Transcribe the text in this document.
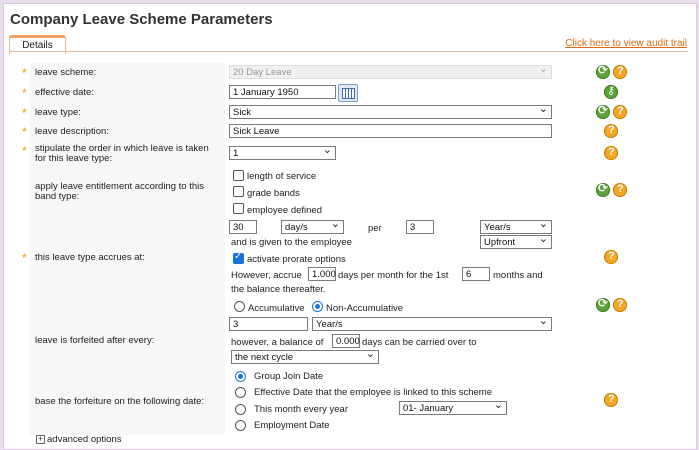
Company Leave Scheme Parameters
Details	Click here to view audit trail
* leave scheme:	20 Day Leave ⌄
⟳
?
* effective date:	1 January 1950
⚷
* leave type:	Sick ⌄
⟳
?
* leave description:	Sick Leave
?
* stipulate the order in which leave is taken
for this leave type:	1 ⌄
?
apply leave entitlement according to this
band type:
length of service
grade bands
employee defined
⟳
?
30	day/s ⌄	per	3	Year/s ⌄
and is given to the employee	Upfront ⌄
* this leave type accrues at:
✓	activate prorate options
However, accrue	1.000 days per month for the 1st	6	months and
the balance thereafter.
?
Accumulative Non-Accumulative
⟳
?
3	Year/s ⌄
leave is forfeited after every:	however, a balance of	0.000 days can be carried over to
the next cycle ⌄
Group Join Date
Effective Date that the employee is linked to this scheme
base the forfeiture on the following date:
This month every year	01- January ⌄
?
Employment Date
+ advanced options
